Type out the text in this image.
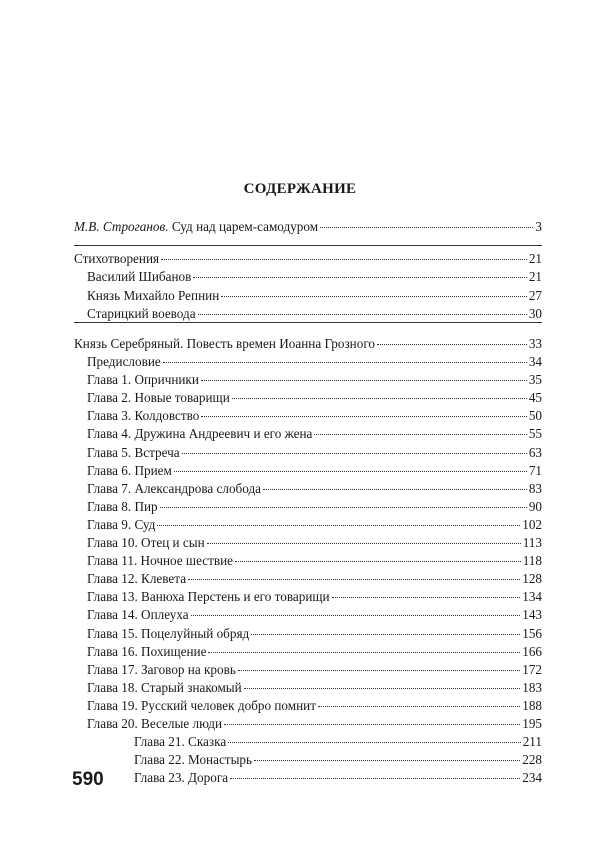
СОДЕРЖАНИЕ
М.В. Строганов. Суд над царем-самодуром	3
Стихотворения	21
Василий Шибанов	21
Князь Михайло Репнин	27
Старицкий воевода	30
Князь Серебряный. Повесть времен Иоанна Грозного	33
Предисловие	34
Глава 1. Опричники	35
Глава 2. Новые товарищи	45
Глава 3. Колдовство	50
Глава 4. Дружина Андреевич и его жена	55
Глава 5. Встреча	63
Глава 6. Прием	71
Глава 7. Александрова слобода	83
Глава 8. Пир	90
Глава 9. Суд	102
Глава 10. Отец и сын	113
Глава 11. Ночное шествие	118
Глава 12. Клевета	128
Глава 13. Ванюха Перстень и его товарищи	134
Глава 14. Оплеуха	143
Глава 15. Поцелуйный обряд	156
Глава 16. Похищение	166
Глава 17. Заговор на кровь	172
Глава 18. Старый знакомый	183
Глава 19. Русский человек добро помнит	188
Глава 20. Веселые люди	195
Глава 21. Сказка	211
Глава 22. Монастырь	228
Глава 23. Дорога	234
590
